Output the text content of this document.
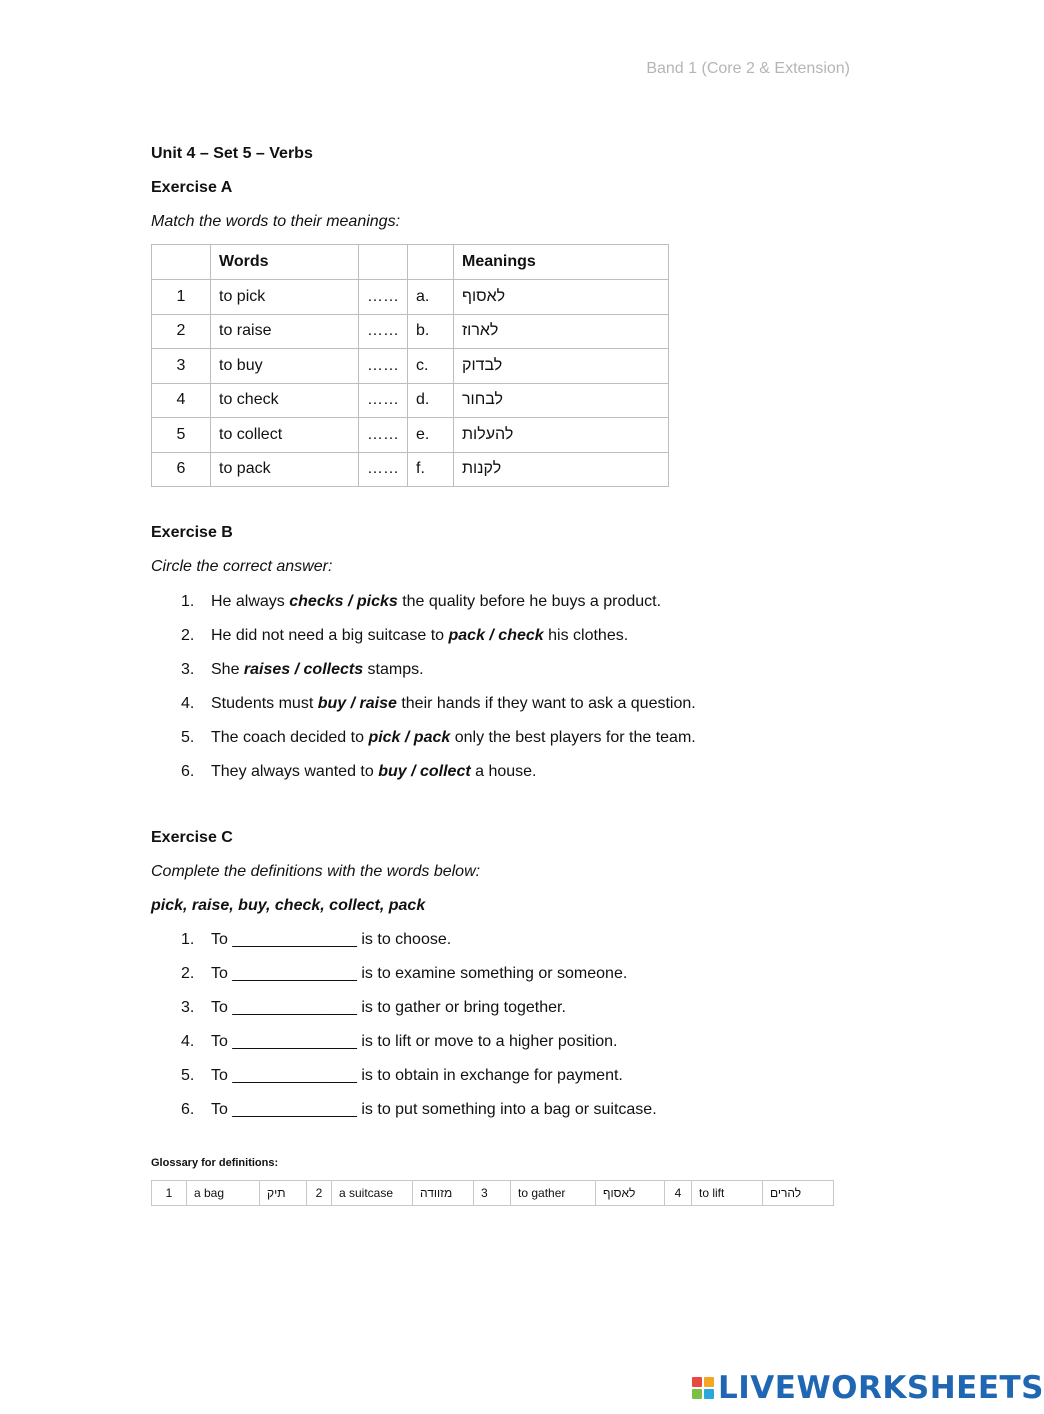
Band 1 (Core 2 & Extension)
Unit 4 – Set 5 – Verbs
Exercise A
Match the words to their meanings:
	Words			Meanings
1	to pick	……	a.	לאסוף
2	to raise	……	b.	לארוז
3	to buy	……	c.	לבדוק
4	to check	……	d.	לבחור
5	to collect	……	e.	להעלות
6	to pack	……	f.	לקנות
Exercise B
Circle the correct answer:
1.	He always checks / picks the quality before he buys a product.
2.	He did not need a big suitcase to pack / check his clothes.
3.	She raises / collects stamps.
4.	Students must buy / raise their hands if they want to ask a question.
5.	The coach decided to pick / pack only the best players for the team.
6.	They always wanted to buy / collect a house.
Exercise C
Complete the definitions with the words below:
pick, raise, buy, check, collect, pack
1.	To ______________ is to choose.
2.	To ______________ is to examine something or someone.
3.	To ______________ is to gather or bring together.
4.	To ______________ is to lift or move to a higher position.
5.	To ______________ is to obtain in exchange for payment.
6.	To ______________ is to put something into a bag or suitcase.
Glossary for definitions:
1	a bag	תיק	2	a suitcase	מזוודה	3	to gather	לאסוף	4	to lift	להרים
LIVEWORKSHEETS
